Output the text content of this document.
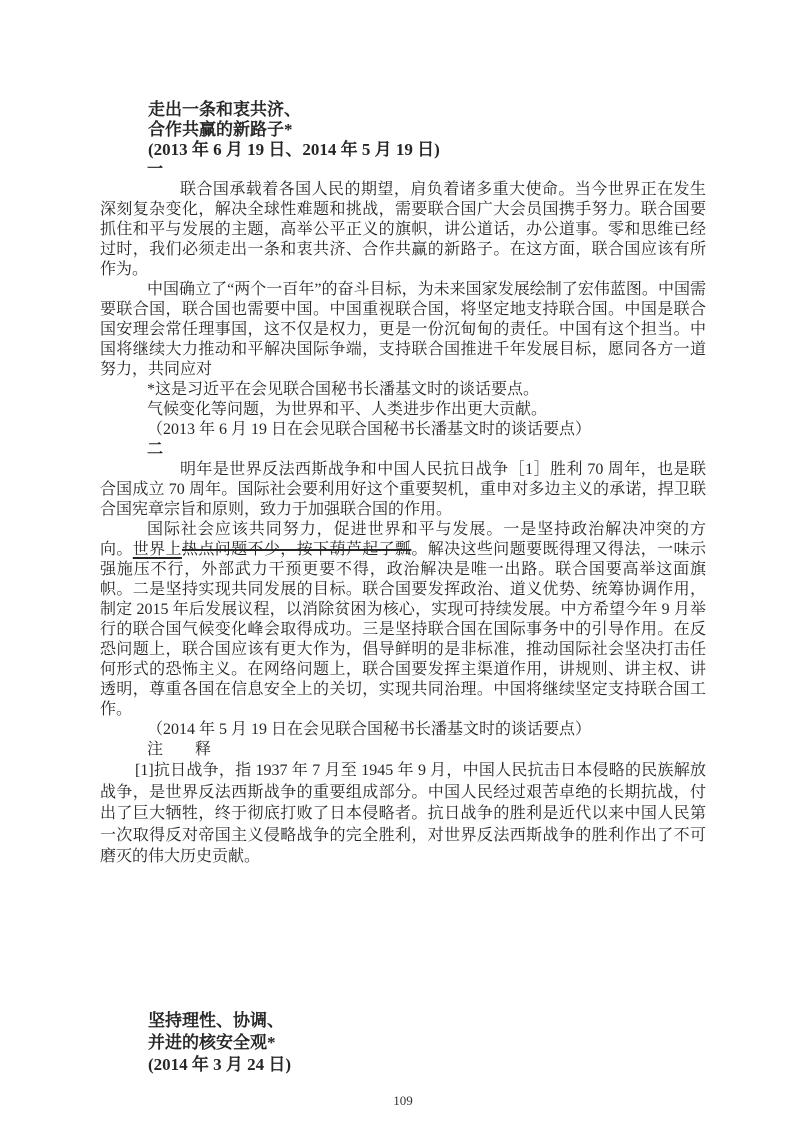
走出一条和衷共济、
合作共赢的新路子*
(2013 年 6 月 19 日、2014 年 5 月 19 日)

一

联合国承载着各国人民的期望，肩负着诸多重大使命。当今世界正在发生深刻复杂变化，解决全球性难题和挑战，需要联合国广大会员国携手努力。联合国要抓住和平与发展的主题，高举公平正义的旗帜，讲公道话，办公道事。零和思维已经过时，我们必须走出一条和衷共济、合作共赢的新路子。在这方面，联合国应该有所作为。

中国确立了“两个一百年”的奋斗目标，为未来国家发展绘制了宏伟蓝图。中国需要联合国，联合国也需要中国。中国重视联合国，将坚定地支持联合国。中国是联合国安理会常任理事国，这不仅是权力，更是一份沉甸甸的责任。中国有这个担当。中国将继续大力推动和平解决国际争端，支持联合国推进千年发展目标，愿同各方一道努力，共同应对

*这是习近平在会见联合国秘书长潘基文时的谈话要点。

气候变化等问题，为世界和平、人类进步作出更大贡献。

（2013 年 6 月 19 日在会见联合国秘书长潘基文时的谈话要点）

二

明年是世界反法西斯战争和中国人民抗日战争［1］胜利 70 周年，也是联合国成立 70 周年。国际社会要利用好这个重要契机，重申对多边主义的承诺，捍卫联合国宪章宗旨和原则，致力于加强联合国的作用。

国际社会应该共同努力，促进世界和平与发展。一是坚持政治解决冲突的方向。世界上热点问题不少，按下葫芦起了瓢。解决这些问题要既得理又得法，一味示强施压不行，外部武力干预更要不得，政治解决是唯一出路。联合国要高举这面旗帜。二是坚持实现共同发展的目标。联合国要发挥政治、道义优势、统筹协调作用，制定 2015 年后发展议程，以消除贫困为核心，实现可持续发展。中方希望今年 9 月举行的联合国气候变化峰会取得成功。三是坚持联合国在国际事务中的引导作用。在反恐问题上，联合国应该有更大作为，倡导鲜明的是非标准，推动国际社会坚决打击任何形式的恐怖主义。在网络问题上，联合国要发挥主渠道作用，讲规则、讲主权、讲透明，尊重各国在信息安全上的关切，实现共同治理。中国将继续坚定支持联合国工作。

（2014 年 5 月 19 日在会见联合国秘书长潘基文时的谈话要点）

注　　释

[1]抗日战争，指 1937 年 7 月至 1945 年 9 月，中国人民抗击日本侵略的民族解放战争，是世界反法西斯战争的重要组成部分。中国人民经过艰苦卓绝的长期抗战，付出了巨大牺牲，终于彻底打败了日本侵略者。抗日战争的胜利是近代以来中国人民第一次取得反对帝国主义侵略战争的完全胜利，对世界反法西斯战争的胜利作出了不可磨灭的伟大历史贡献。

坚持理性、协调、
并进的核安全观*
(2014 年 3 月 24 日)
109
